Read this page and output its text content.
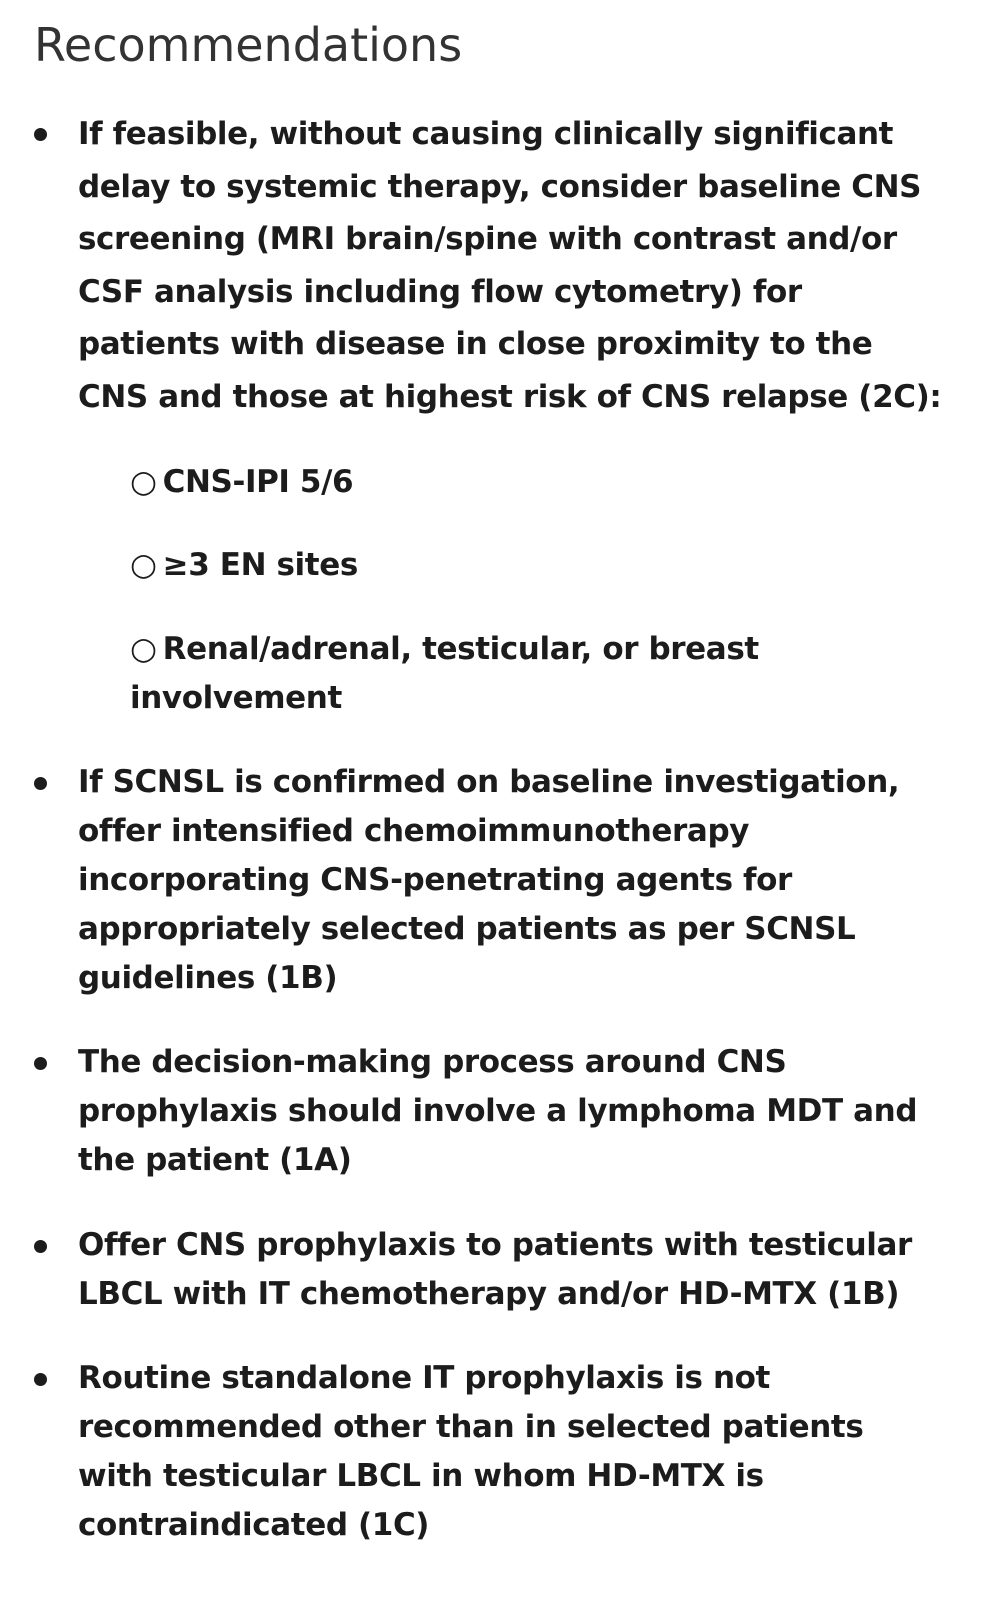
Recommendations
If feasible, without causing clinically significant
delay to systemic therapy, consider baseline CNS
screening (MRI brain/spine with contrast and/or
CSF analysis including flow cytometry) for
patients with disease in close proximity to the
CNS and those at highest risk of CNS relapse (2C):
○ CNS-IPI 5/6
○ ≥3 EN sites
○ Renal/adrenal, testicular, or breast
involvement
If SCNSL is confirmed on baseline investigation,
offer intensified chemoimmunotherapy
incorporating CNS-penetrating agents for
appropriately selected patients as per SCNSL
guidelines (1B)
The decision-making process around CNS
prophylaxis should involve a lymphoma MDT and
the patient (1A)
Offer CNS prophylaxis to patients with testicular
LBCL with IT chemotherapy and/or HD-MTX (1B)
Routine standalone IT prophylaxis is not
recommended other than in selected patients
with testicular LBCL in whom HD-MTX is
contraindicated (1C)
